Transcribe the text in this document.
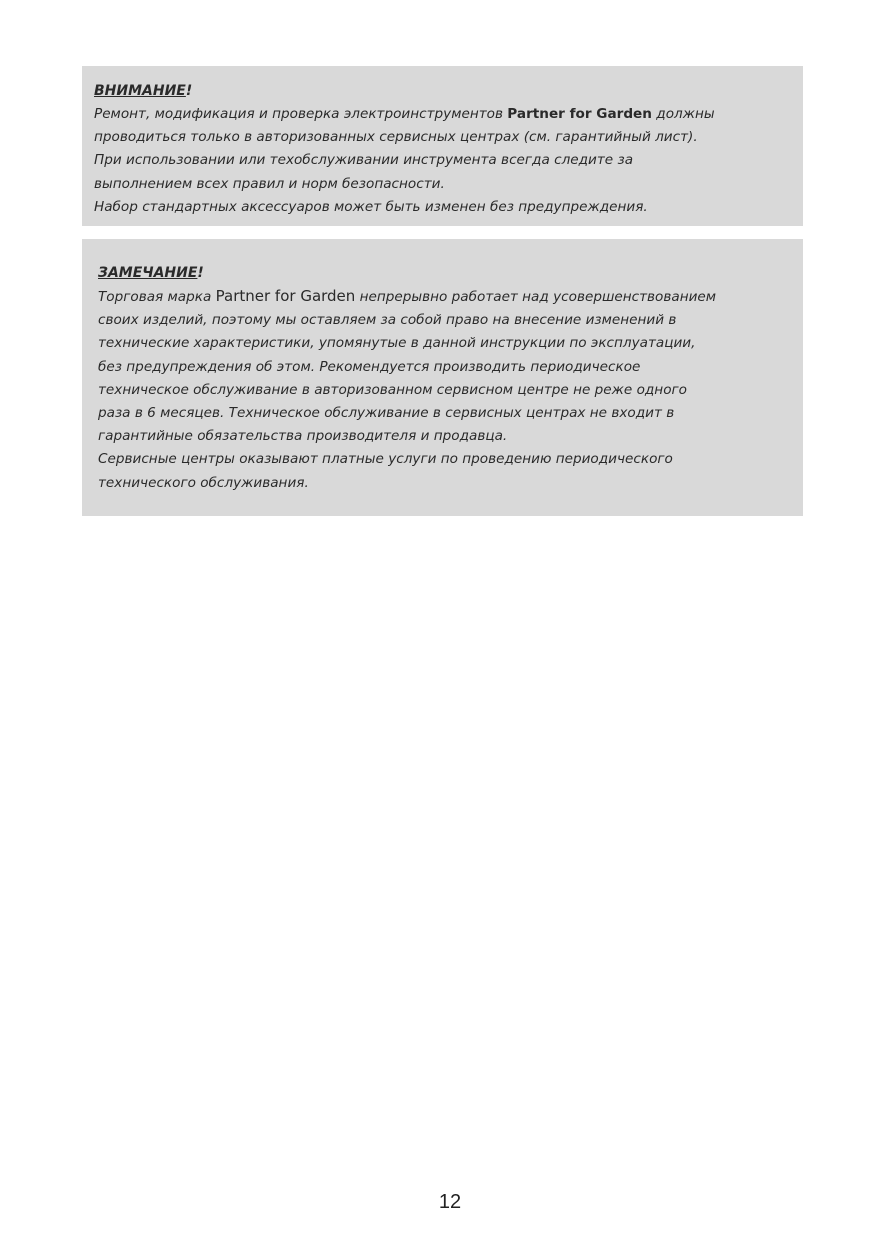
ВНИМАНИЕ!
Ремонт, модификация и проверка электроинструментов Partner for Garden должны
проводиться только в авторизованных сервисных центрах (см. гарантийный лист).
При использовании или техобслуживании инструмента всегда следите за
выполнением всех правил и норм безопасности.
Набор стандартных аксессуаров может быть изменен без предупреждения.
ЗАМЕЧАНИЕ!
Торговая марка Partner for Garden непрерывно работает над усовершенствованием
своих изделий, поэтому мы оставляем за собой право на внесение изменений в
технические характеристики, упомянутые в данной инструкции по эксплуатации,
без предупреждения об этом. Рекомендуется производить периодическое
техническое обслуживание в авторизованном сервисном центре не реже одного
раза в 6 месяцев. Техническое обслуживание в сервисных центрах не входит в
гарантийные обязательства производителя и продавца.
Сервисные центры оказывают платные услуги по проведению периодического
технического обслуживания.
12
